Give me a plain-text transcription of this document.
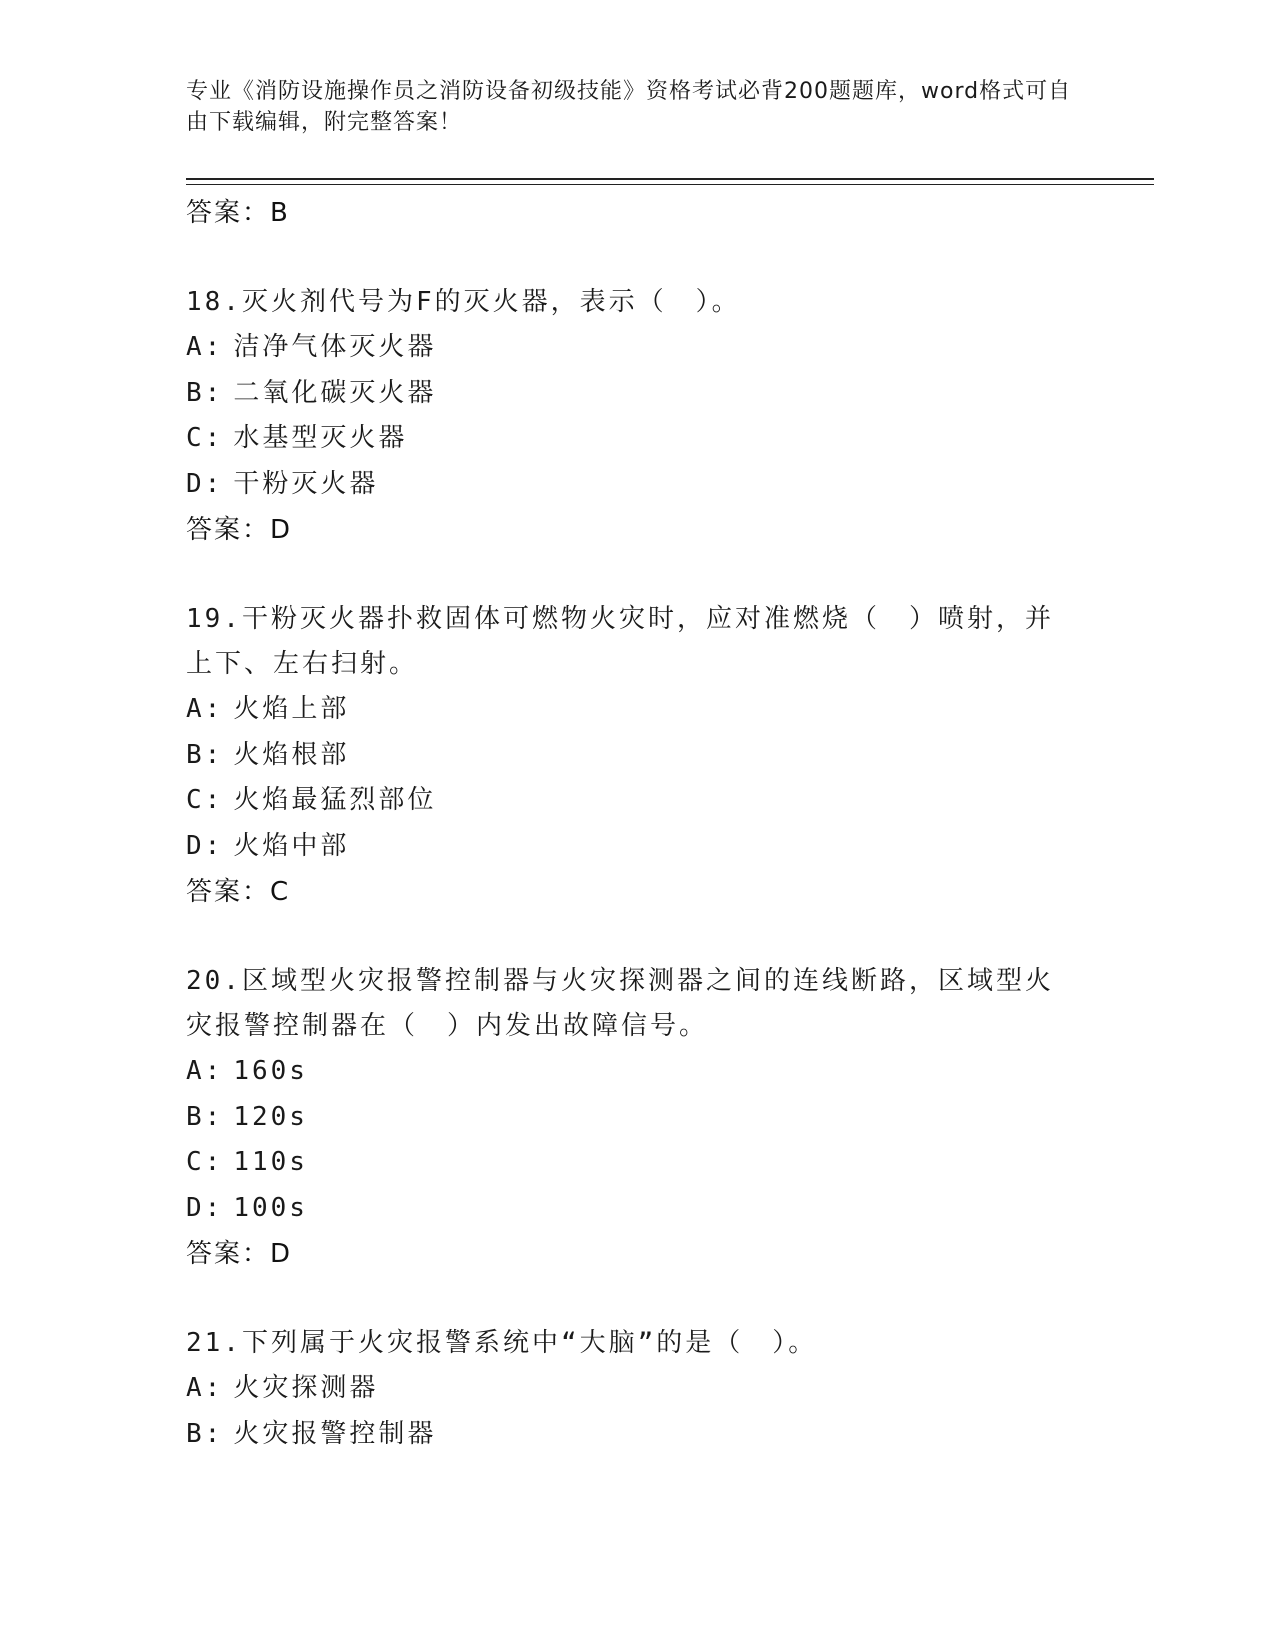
专业《消防设施操作员之消防设备初级技能》资格考试必背200题题库，word格式可自由下载编辑，附完整答案！
答案：B
18.灭火剂代号为F的灭火器，表示（　）。
A: 洁净气体灭火器
B: 二氧化碳灭火器
C: 水基型灭火器
D: 干粉灭火器
答案：D
19.干粉灭火器扑救固体可燃物火灾时，应对准燃烧（　）喷射，并上下、左右扫射。
A: 火焰上部
B: 火焰根部
C: 火焰最猛烈部位
D: 火焰中部
答案：C
20.区域型火灾报警控制器与火灾探测器之间的连线断路，区域型火灾报警控制器在（　）内发出故障信号。
A: 160s
B: 120s
C: 110s
D: 100s
答案：D
21.下列属于火灾报警系统中“大脑”的是（　）。
A: 火灾探测器
B: 火灾报警控制器
